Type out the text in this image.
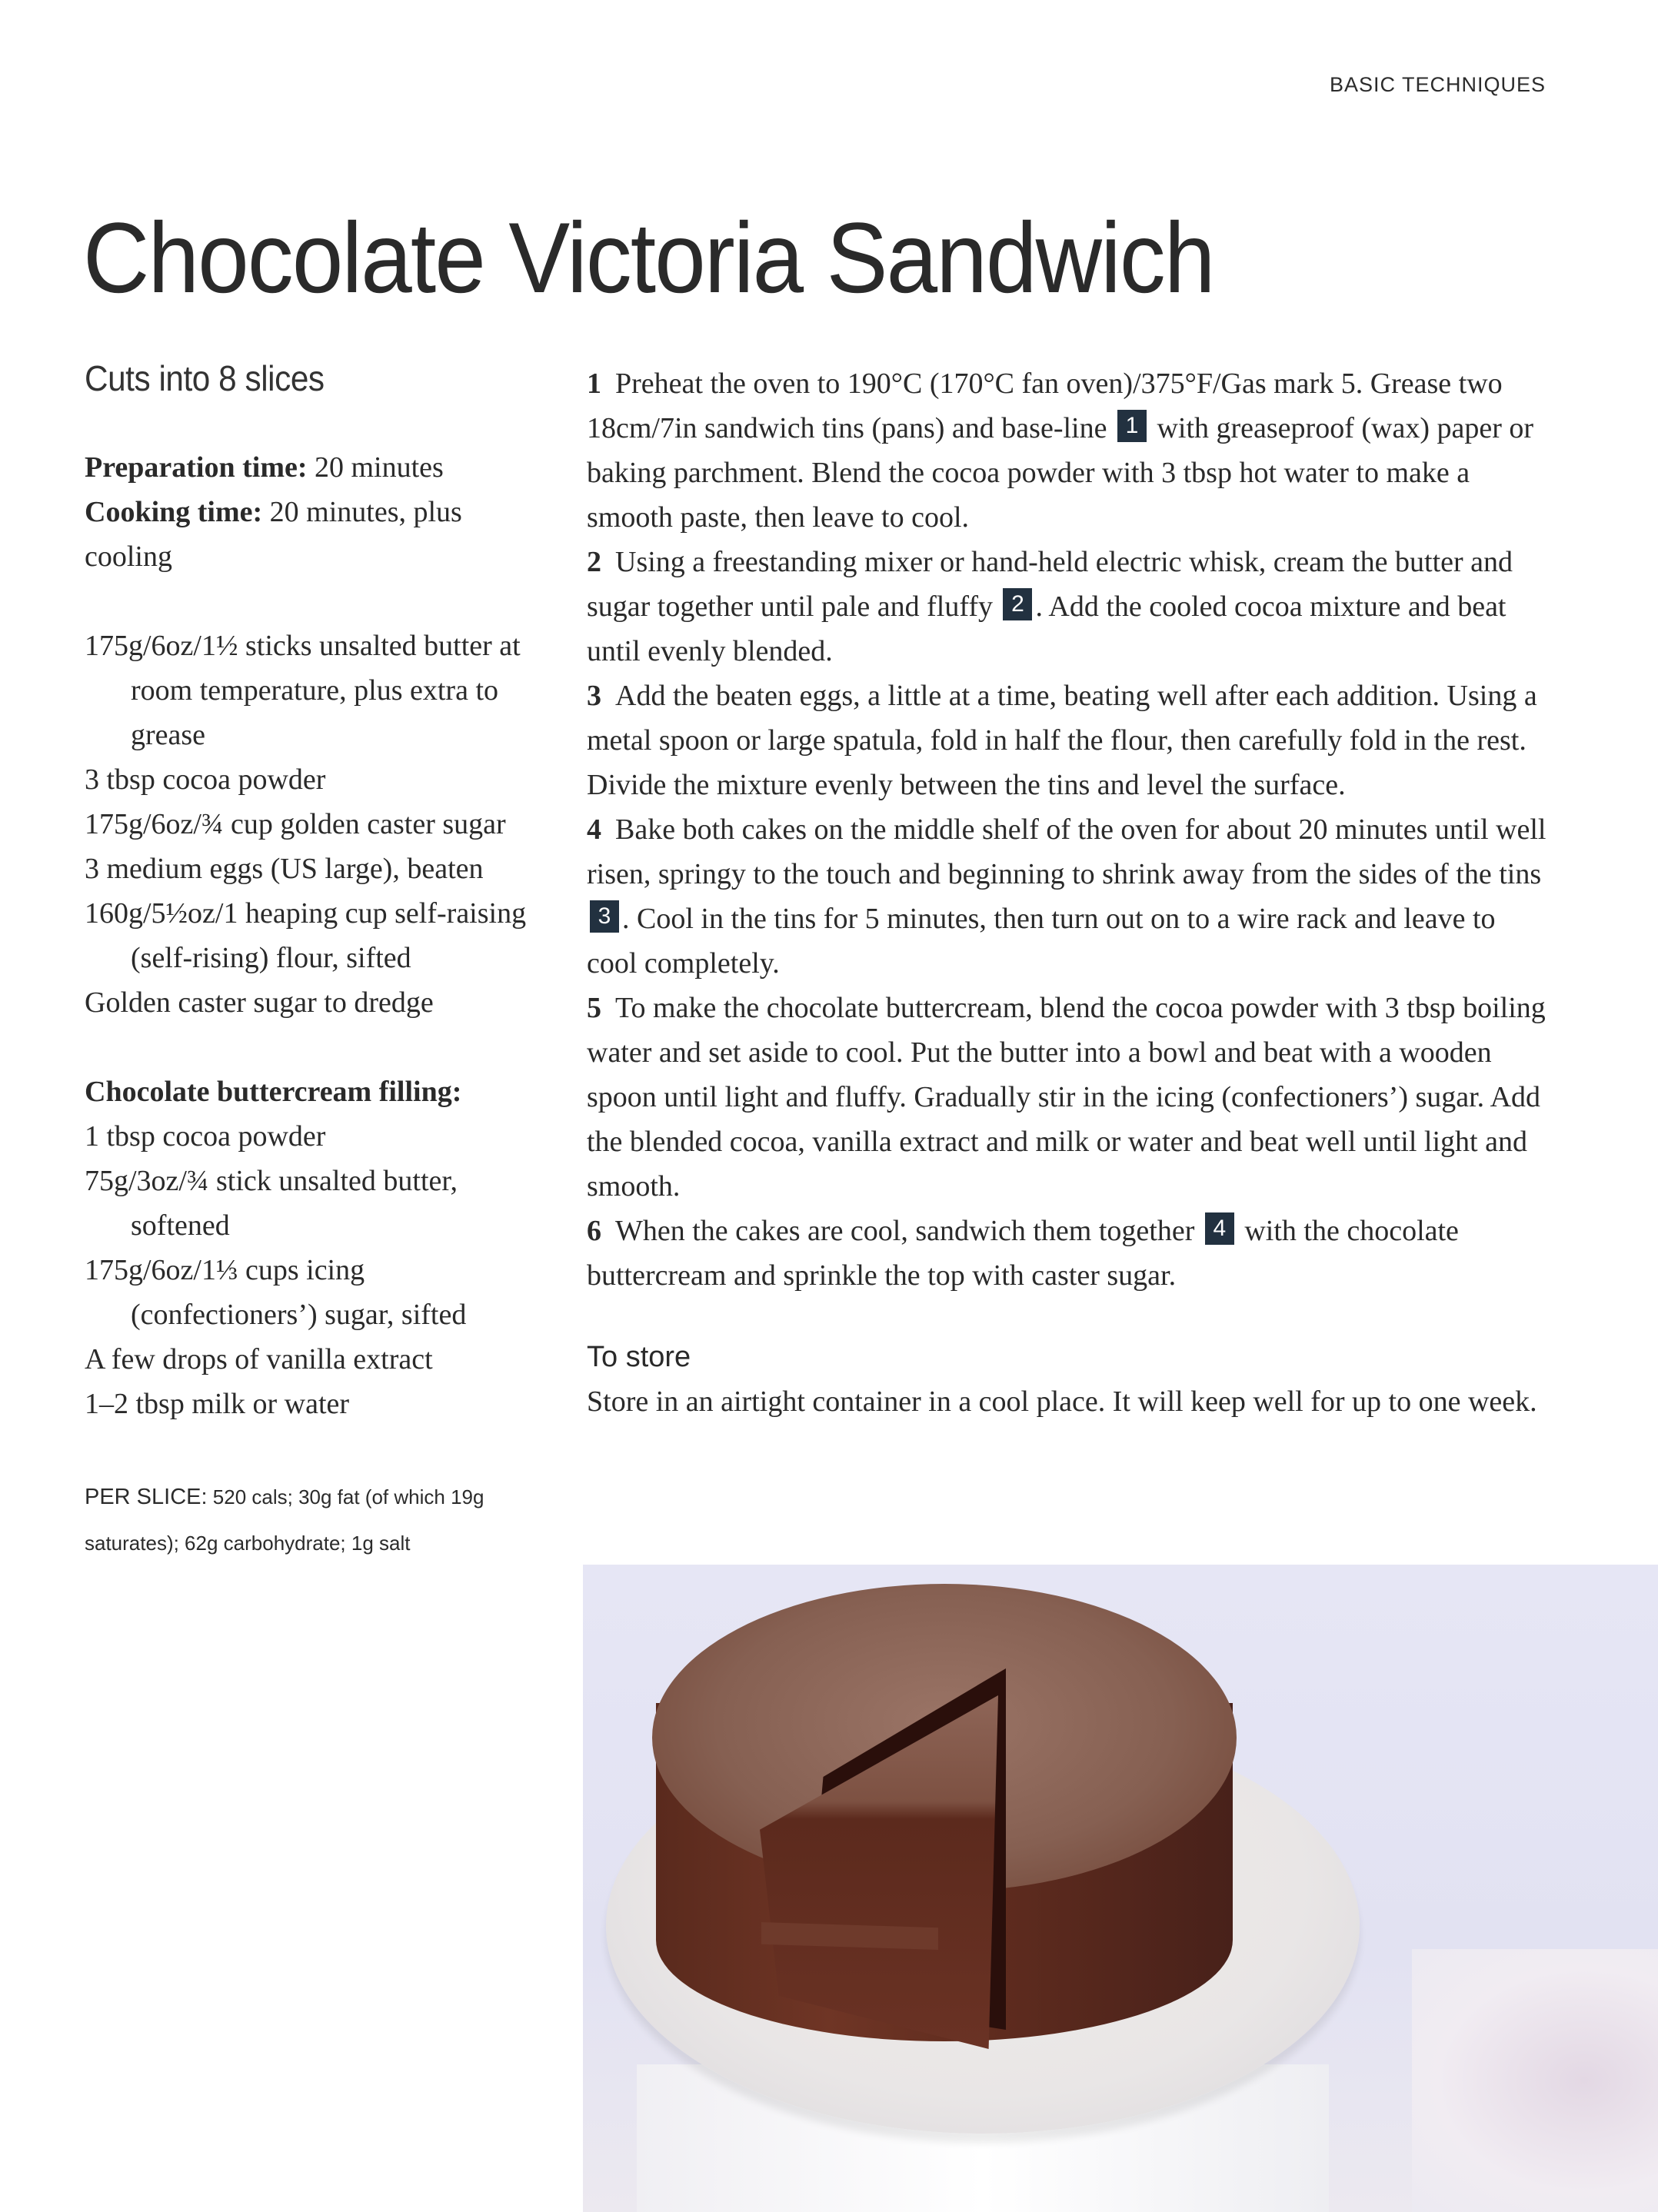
BASIC TECHNIQUES
Chocolate Victoria Sandwich
Cuts into 8 slices

Preparation time: 20 minutes

Cooking time: 20 minutes, plus cooling

175g/6oz/1½ sticks unsalted butter at room temperature, plus extra to grease
3 tbsp cocoa powder
175g/6oz/¾ cup golden caster sugar
3 medium eggs (US large), beaten
160g/5½oz/1 heaping cup self-raising (self-rising) flour, sifted
Golden caster sugar to dredge
Chocolate buttercream filling:
1 tbsp cocoa powder
75g/3oz/¾ stick unsalted butter, softened
175g/6oz/1⅓ cups icing (confectioners’) sugar, sifted
A few drops of vanilla extract
1–2 tbsp milk or water
PER SLICE: 520 cals; 30g fat (of which 19g saturates); 62g carbohydrate; 1g salt

1 Preheat the oven to 190°C (170°C fan oven)/375°F/Gas mark 5. Grease two 18cm/7in sandwich tins (pans) and base-line 1 with greaseproof (wax) paper or baking parchment. Blend the cocoa powder with 3 tbsp hot water to make a smooth paste, then leave to cool.

2 Using a freestanding mixer or hand-held electric whisk, cream the butter and sugar together until pale and fluffy 2 . Add the cooled cocoa mixture and beat until evenly blended.

3 Add the beaten eggs, a little at a time, beating well after each addition. Using a metal spoon or large spatula, fold in half the flour, then carefully fold in the rest. Divide the mixture evenly between the tins and level the surface.

4 Bake both cakes on the middle shelf of the oven for about 20 minutes until well risen, springy to the touch and beginning to shrink away from the sides of the tins 3 . Cool in the tins for 5 minutes, then turn out on to a wire rack and leave to cool completely.

5 To make the chocolate buttercream, blend the cocoa powder with 3 tbsp boiling water and set aside to cool. Put the butter into a bowl and beat with a wooden spoon until light and fluffy. Gradually stir in the icing (confectioners’) sugar. Add the blended cocoa, vanilla extract and milk or water and beat well until light and smooth.

6 When the cakes are cool, sandwich them together 4 with the chocolate buttercream and sprinkle the top with caster sugar.

To store

Store in an airtight container in a cool place. It will keep well for up to one week.
